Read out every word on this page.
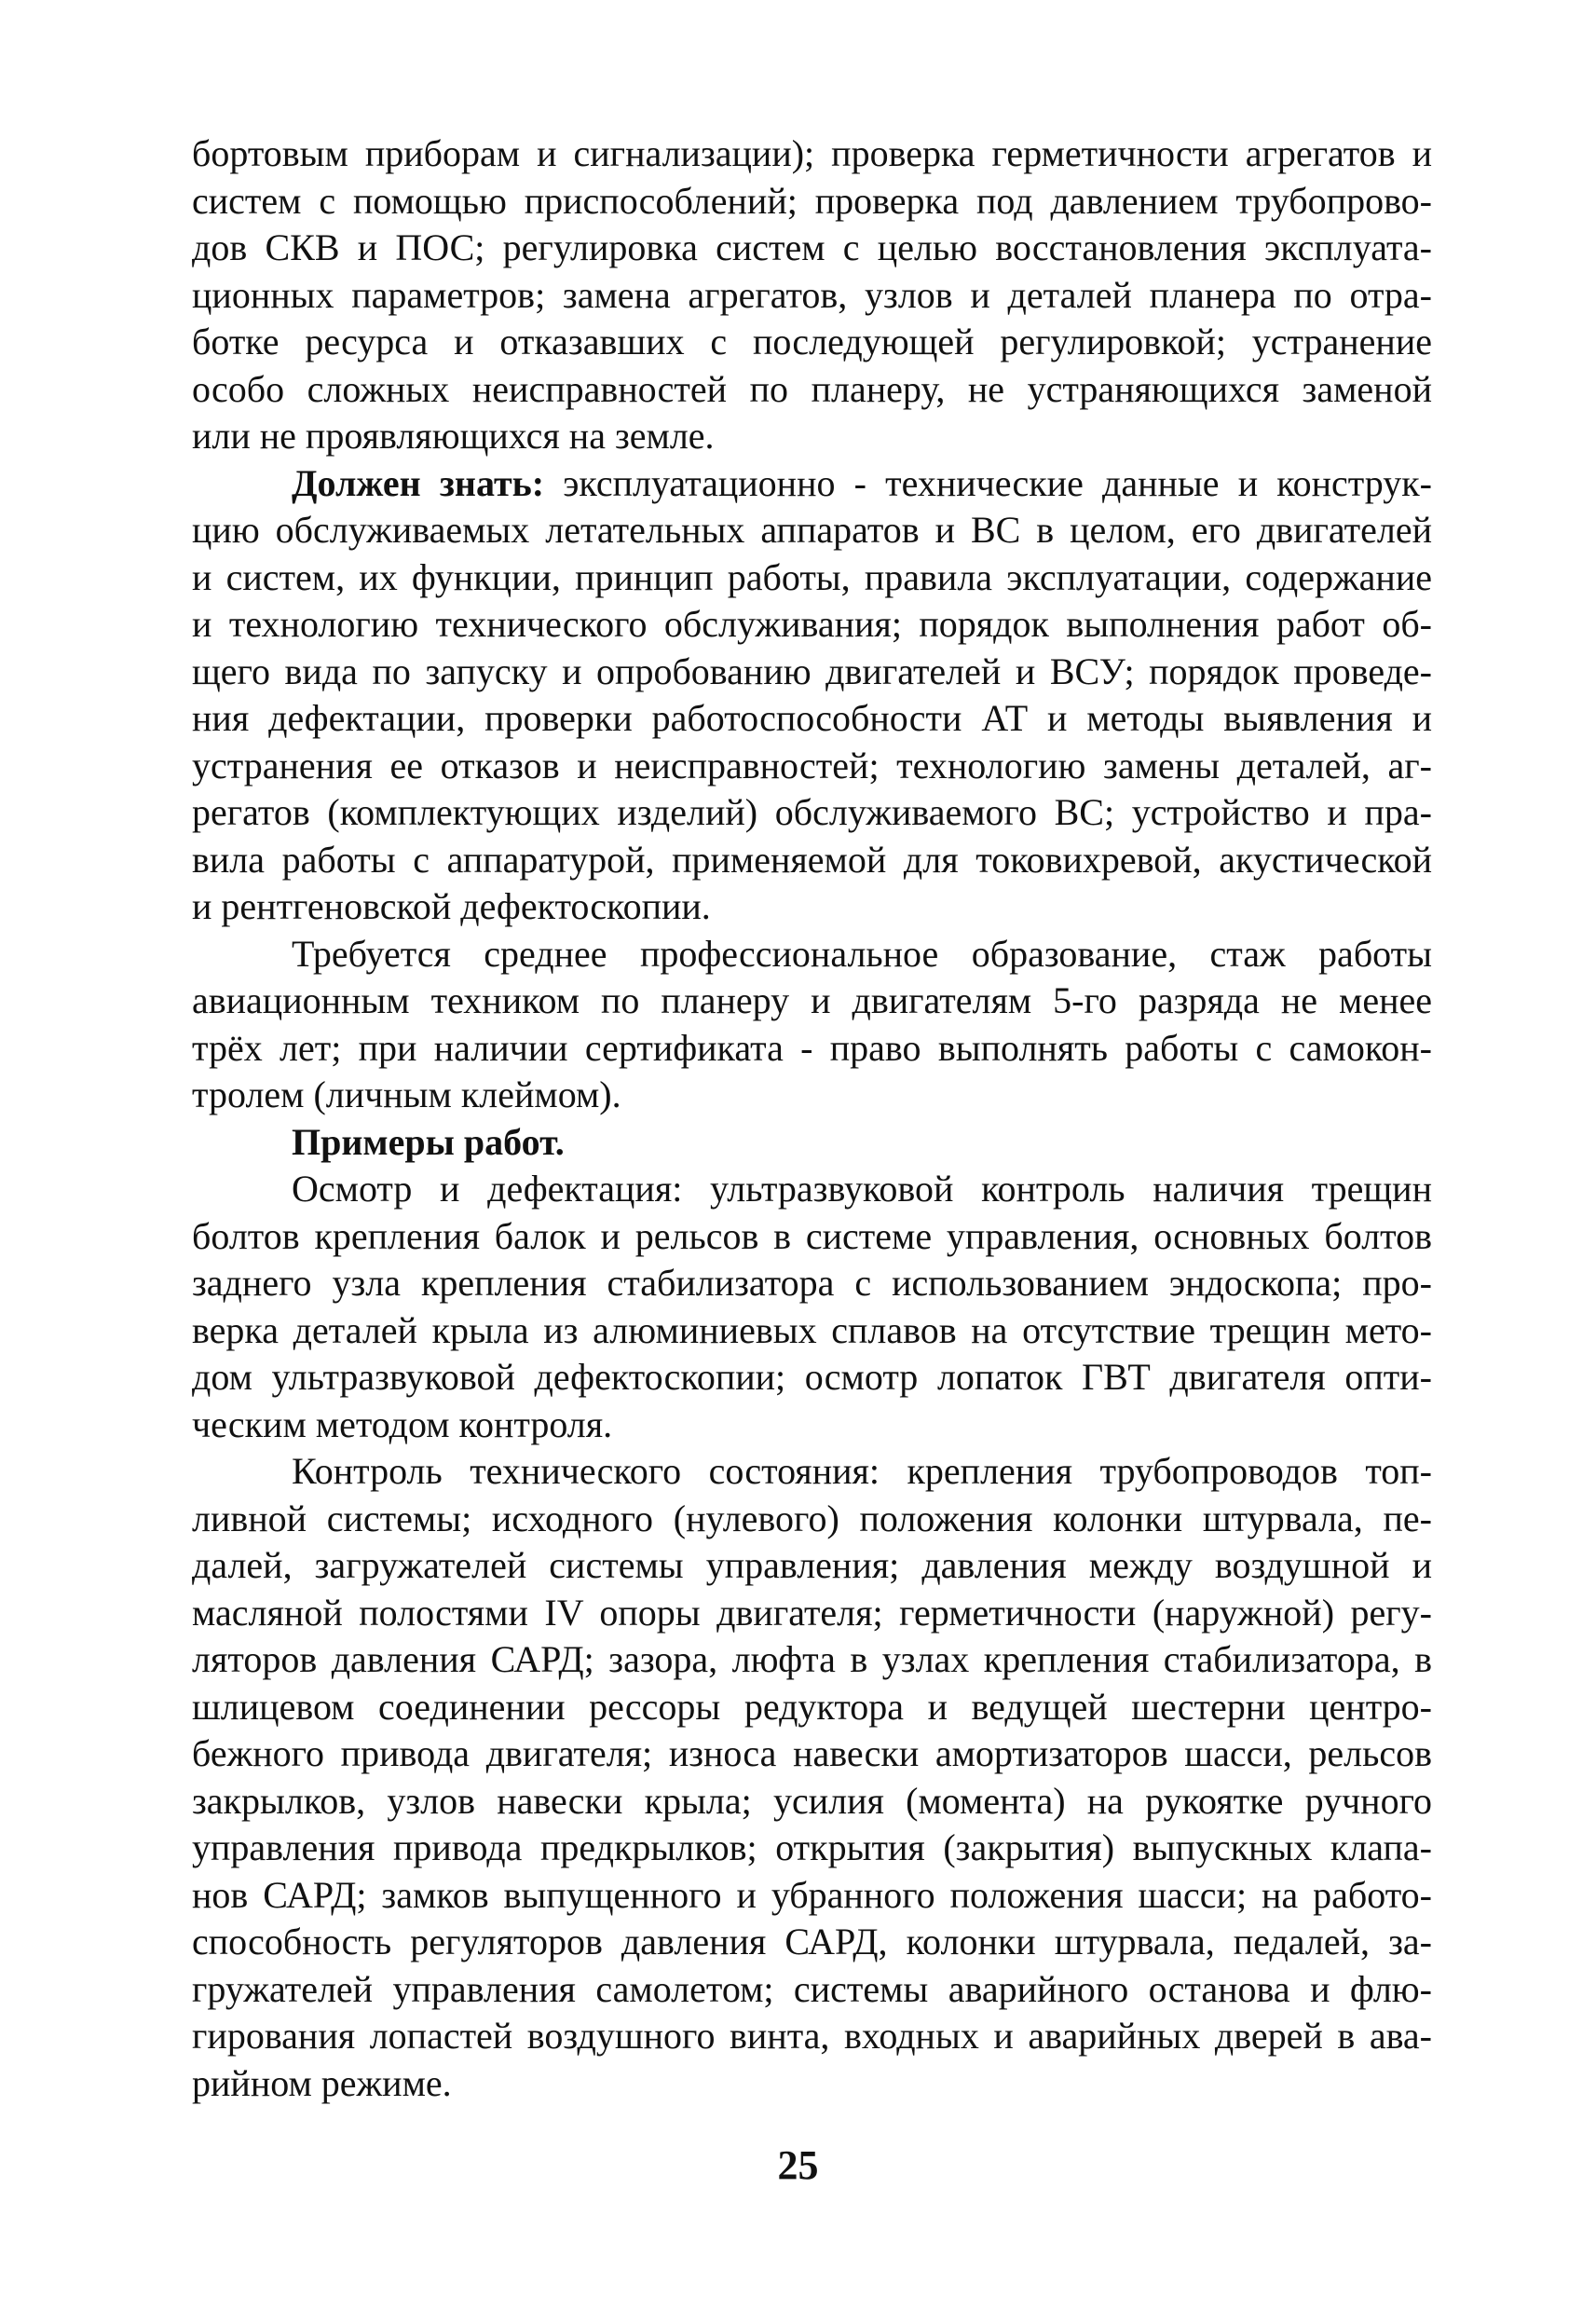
бортовым приборам и сигнализации); проверка герметичности агрегатов и
систем с помощью приспособлений; проверка под давлением трубопрово-
дов СКВ и ПОС; регулировка систем с целью восстановления эксплуата-
ционных параметров; замена агрегатов, узлов и деталей планера по отра-
ботке ресурса и отказавших с последующей регулировкой; устранение
особо сложных неисправностей по планеру, не устраняющихся заменой
или не проявляющихся на земле.
Должен знать: эксплуатационно - технические данные и конструк-
цию обслуживаемых летательных аппаратов и ВС в целом, его двигателей
и систем, их функции, принцип работы, правила эксплуатации, содержание
и технологию технического обслуживания; порядок выполнения работ об-
щего вида по запуску и опробованию двигателей и ВСУ; порядок проведе-
ния дефектации, проверки работоспособности АТ и методы выявления и
устранения ее отказов и неисправностей; технологию замены деталей, аг-
регатов (комплектующих изделий) обслуживаемого ВС; устройство и пра-
вила работы с аппаратурой, применяемой для токовихревой, акустической
и рентгеновской дефектоскопии.
Требуется среднее профессиональное образование, стаж работы
авиационным техником по планеру и двигателям 5-го разряда не менее
трёх лет; при наличии сертификата - право выполнять работы с самокон-
тролем (личным клеймом).
Примеры работ.
Осмотр и дефектация: ультразвуковой контроль наличия трещин
болтов крепления балок и рельсов в системе управления, основных болтов
заднего узла крепления стабилизатора с использованием эндоскопа; про-
верка деталей крыла из алюминиевых сплавов на отсутствие трещин мето-
дом ультразвуковой дефектоскопии; осмотр лопаток ГВТ двигателя опти-
ческим методом контроля.
Контроль технического состояния: крепления трубопроводов топ-
ливной системы; исходного (нулевого) положения колонки штурвала, пе-
далей, загружателей системы управления; давления между воздушной и
масляной полостями IV опоры двигателя; герметичности (наружной) регу-
ляторов давления САРД; зазора, люфта в узлах крепления стабилизатора, в
шлицевом соединении рессоры редуктора и ведущей шестерни центро-
бежного привода двигателя; износа навески амортизаторов шасси, рельсов
закрылков, узлов навески крыла; усилия (момента) на рукоятке ручного
управления привода предкрылков; открытия (закрытия) выпускных клапа-
нов САРД; замков выпущенного и убранного положения шасси; на работо-
способность регуляторов давления САРД, колонки штурвала, педалей, за-
гружателей управления самолетом; системы аварийного останова и флю-
гирования лопастей воздушного винта, входных и аварийных дверей в ава-
рийном режиме.
25
